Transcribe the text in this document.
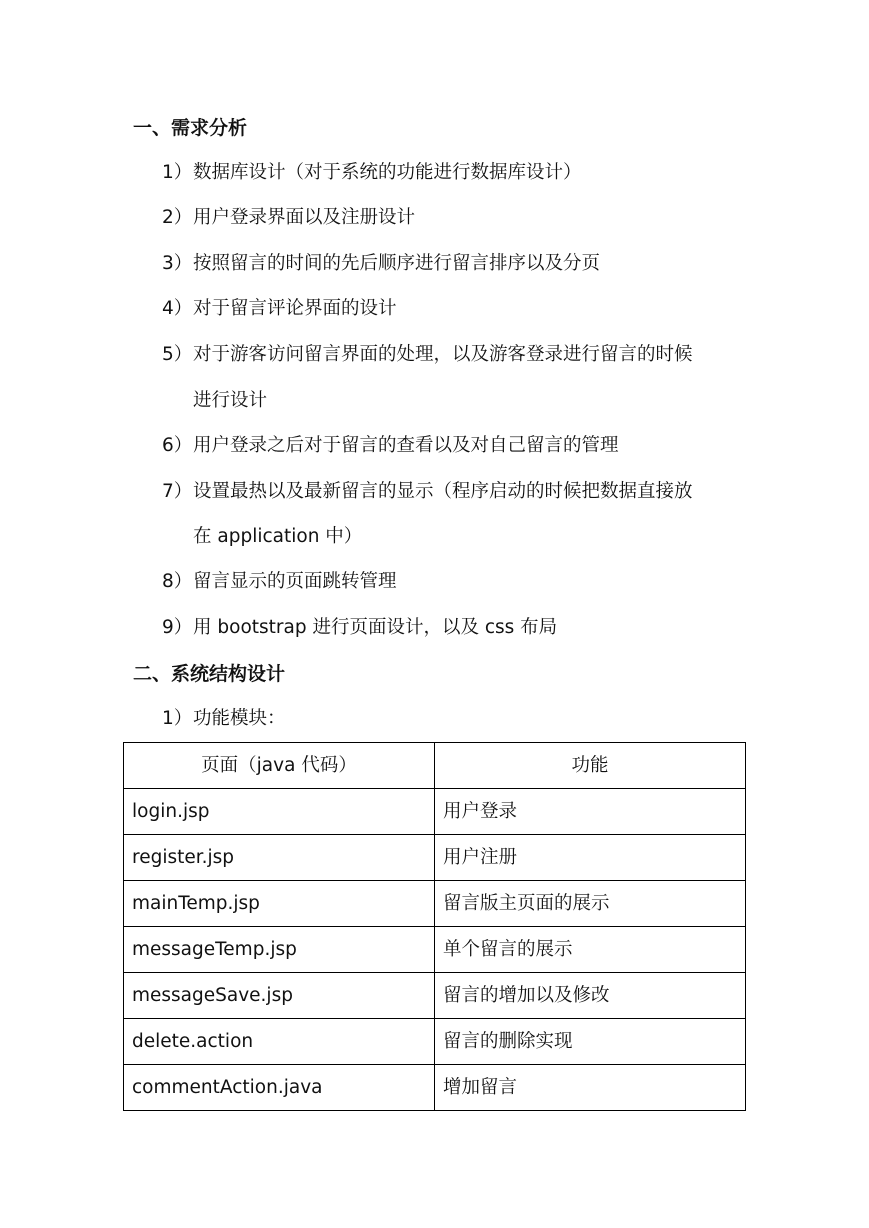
一、需求分析
1）数据库设计（对于系统的功能进行数据库设计）
2）用户登录界面以及注册设计
3）按照留言的时间的先后顺序进行留言排序以及分页
4）对于留言评论界面的设计
5）对于游客访问留言界面的处理，以及游客登录进行留言的时候
进行设计
6）用户登录之后对于留言的查看以及对自己留言的管理
7）设置最热以及最新留言的显示（程序启动的时候把数据直接放
在 application 中）
8）留言显示的页面跳转管理
9）用 bootstrap 进行页面设计，以及 css 布局
二、系统结构设计
1）功能模块：
页面（java 代码）	功能
login.jsp	用户登录
register.jsp	用户注册
mainTemp.jsp	留言版主页面的展示
messageTemp.jsp	单个留言的展示
messageSave.jsp	留言的增加以及修改
delete.action	留言的删除实现
commentAction.java	增加留言
